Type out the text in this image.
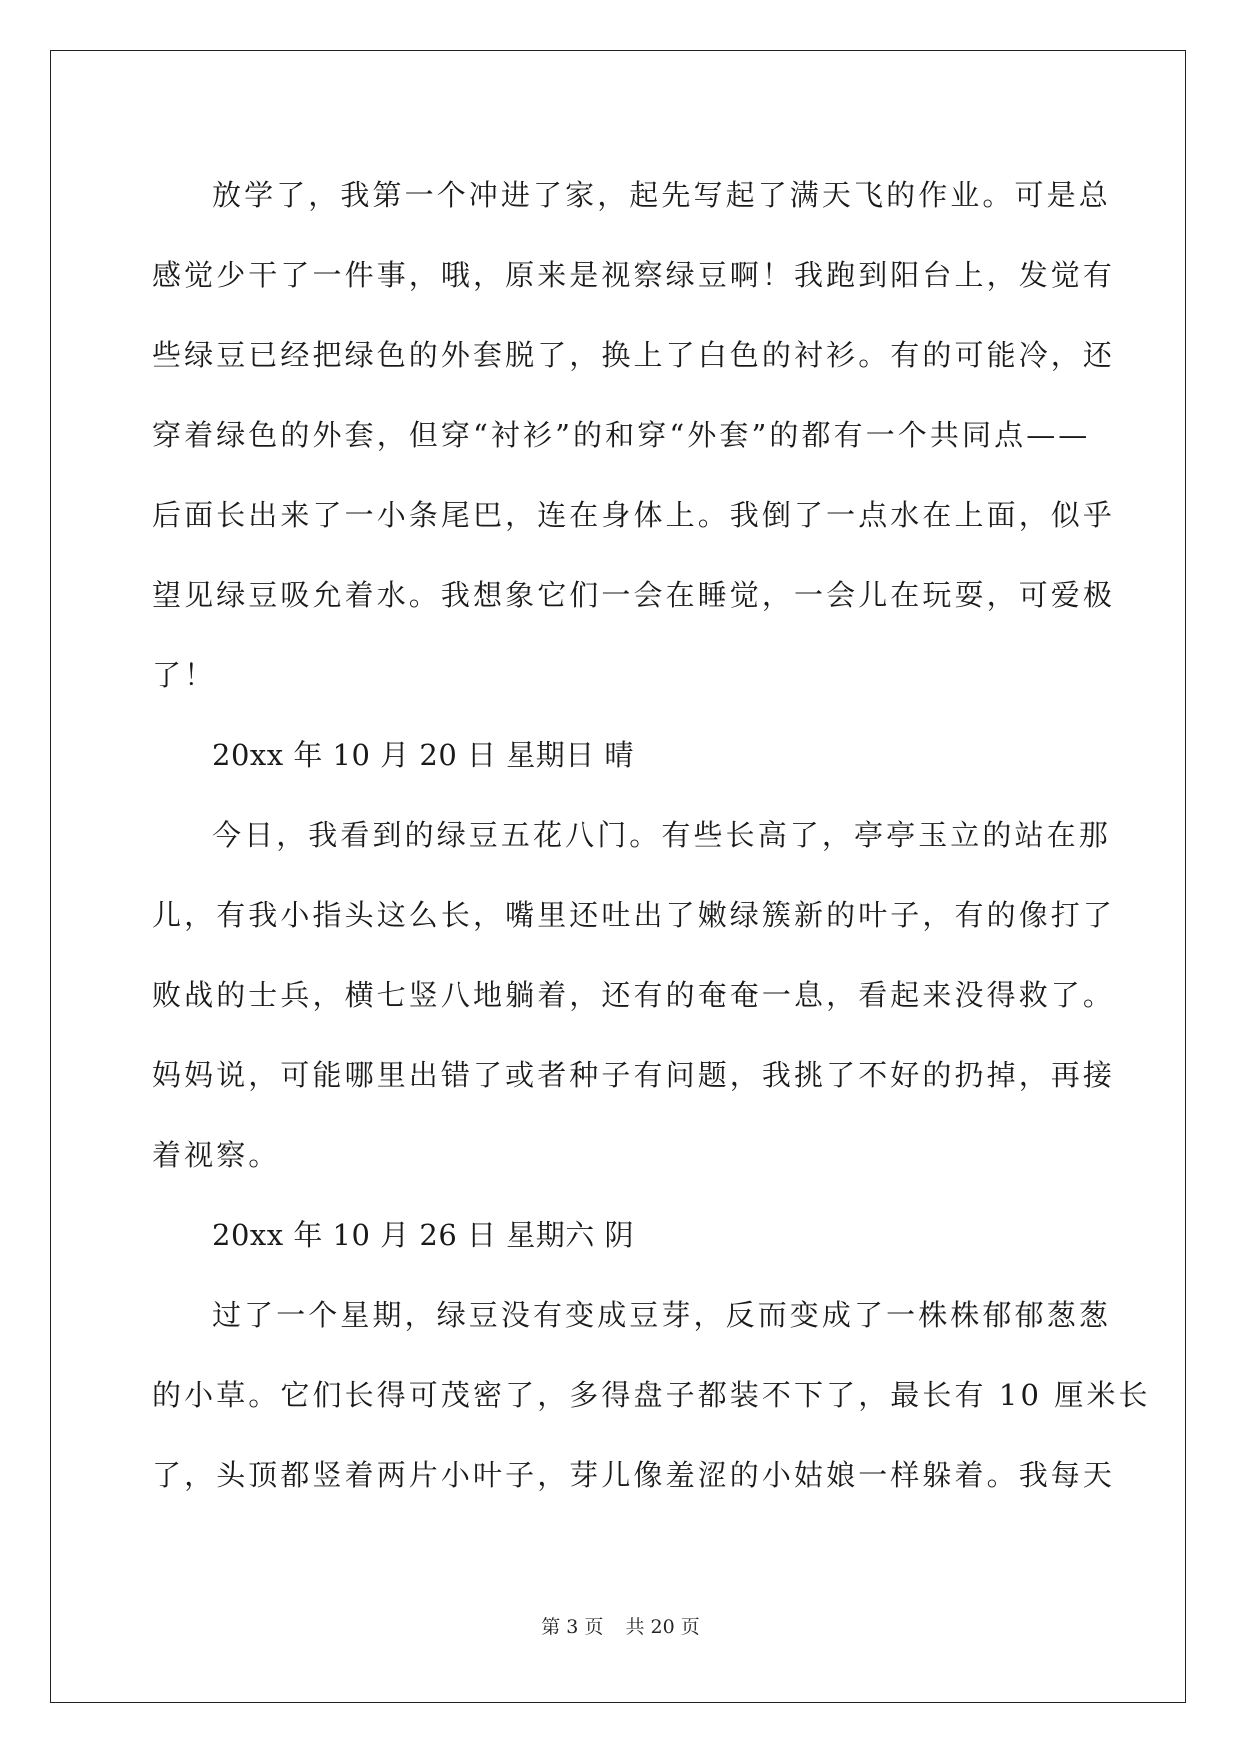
放学了，我第一个冲进了家，起先写起了满天飞的作业。可是总
感觉少干了一件事，哦，原来是视察绿豆啊！我跑到阳台上，发觉有
些绿豆已经把绿色的外套脱了，换上了白色的衬衫。有的可能冷，还
穿着绿色的外套，但穿“衬衫”的和穿“外套”的都有一个共同点——
后面长出来了一小条尾巴，连在身体上。我倒了一点水在上面，似乎
望见绿豆吸允着水。我想象它们一会在睡觉，一会儿在玩耍，可爱极
了！
20xx 年 10 月 20 日 星期日 晴
今日，我看到的绿豆五花八门。有些长高了，亭亭玉立的站在那
儿，有我小指头这么长，嘴里还吐出了嫩绿簇新的叶子，有的像打了
败战的士兵，横七竖八地躺着，还有的奄奄一息，看起来没得救了。
妈妈说，可能哪里出错了或者种子有问题，我挑了不好的扔掉，再接
着视察。
20xx 年 10 月 26 日 星期六 阴
过了一个星期，绿豆没有变成豆芽，反而变成了一株株郁郁葱葱
的小草。它们长得可茂密了，多得盘子都装不下了，最长有 10 厘米长
了，头顶都竖着两片小叶子，芽儿像羞涩的小姑娘一样躲着。我每天
第 3 页 共 20 页
